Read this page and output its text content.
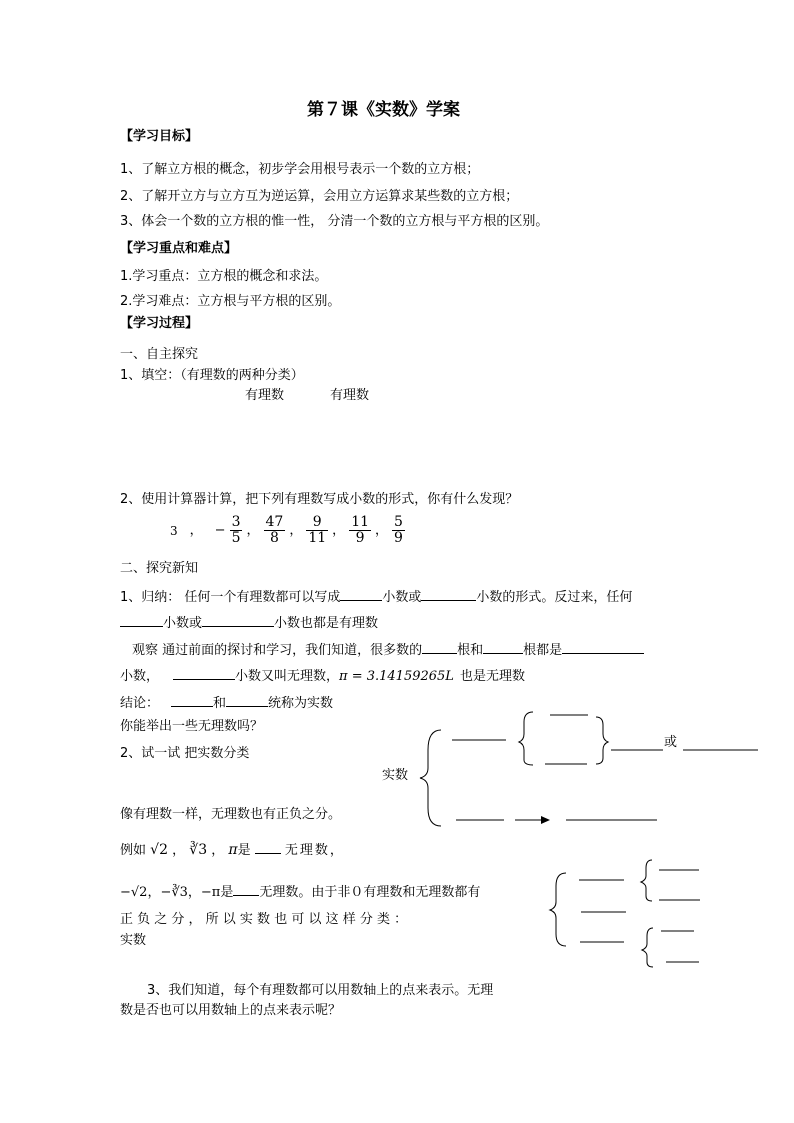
第７课《实数》学案
【学习目标】
1、了解立方根的概念，初步学会用根号表示一个数的立方根；
2、了解开立方与立方互为逆运算，会用立方运算求某些数的立方根；
3、体会一个数的立方根的惟一性， 分清一个数的立方根与平方根的区别。
【学习重点和难点】
1.学习重点：立方根的概念和求法。
2.学习难点：立方根与平方根的区别。
【学习过程】
一、自主探究
1、填空：（有理数的两种分类）
有理数	有理数
2、使用计算器计算，把下列有理数写成小数的形式，你有什么发现？
3 ， − $\frac{3}{5}$ ， $\frac{47}{8}$ ， $\frac{9}{11}$ ， $\frac{11}{9}$ ， $\frac{5}{9}$
二、探究新知
1、归纳： 任何一个有理数都可以写成	小数或	小数的形式。反过来，任何
小数或	小数也都是有理数
观察 通过前面的探讨和学习，我们知道，很多数的	根和	根都是
小数，	小数又叫无理数，π = 3.14159265L 也是无理数
结论：	和	统称为实数
你能举出一些无理数吗？
2、试一试 把实数分类
实数
或
像有理数一样，无理数也有正负之分。
例如 √2 ， ∛3 ， π是	无理数，
−√2，−∛3，−π是 无理数。由于非０有理数和无理数都有
正 负 之 分 ， 所 以 实 数 也 可 以 这 样 分 类 ：
实数
3、我们知道，每个有理数都可以用数轴上的点来表示。无理
数是否也可以用数轴上的点来表示呢？
